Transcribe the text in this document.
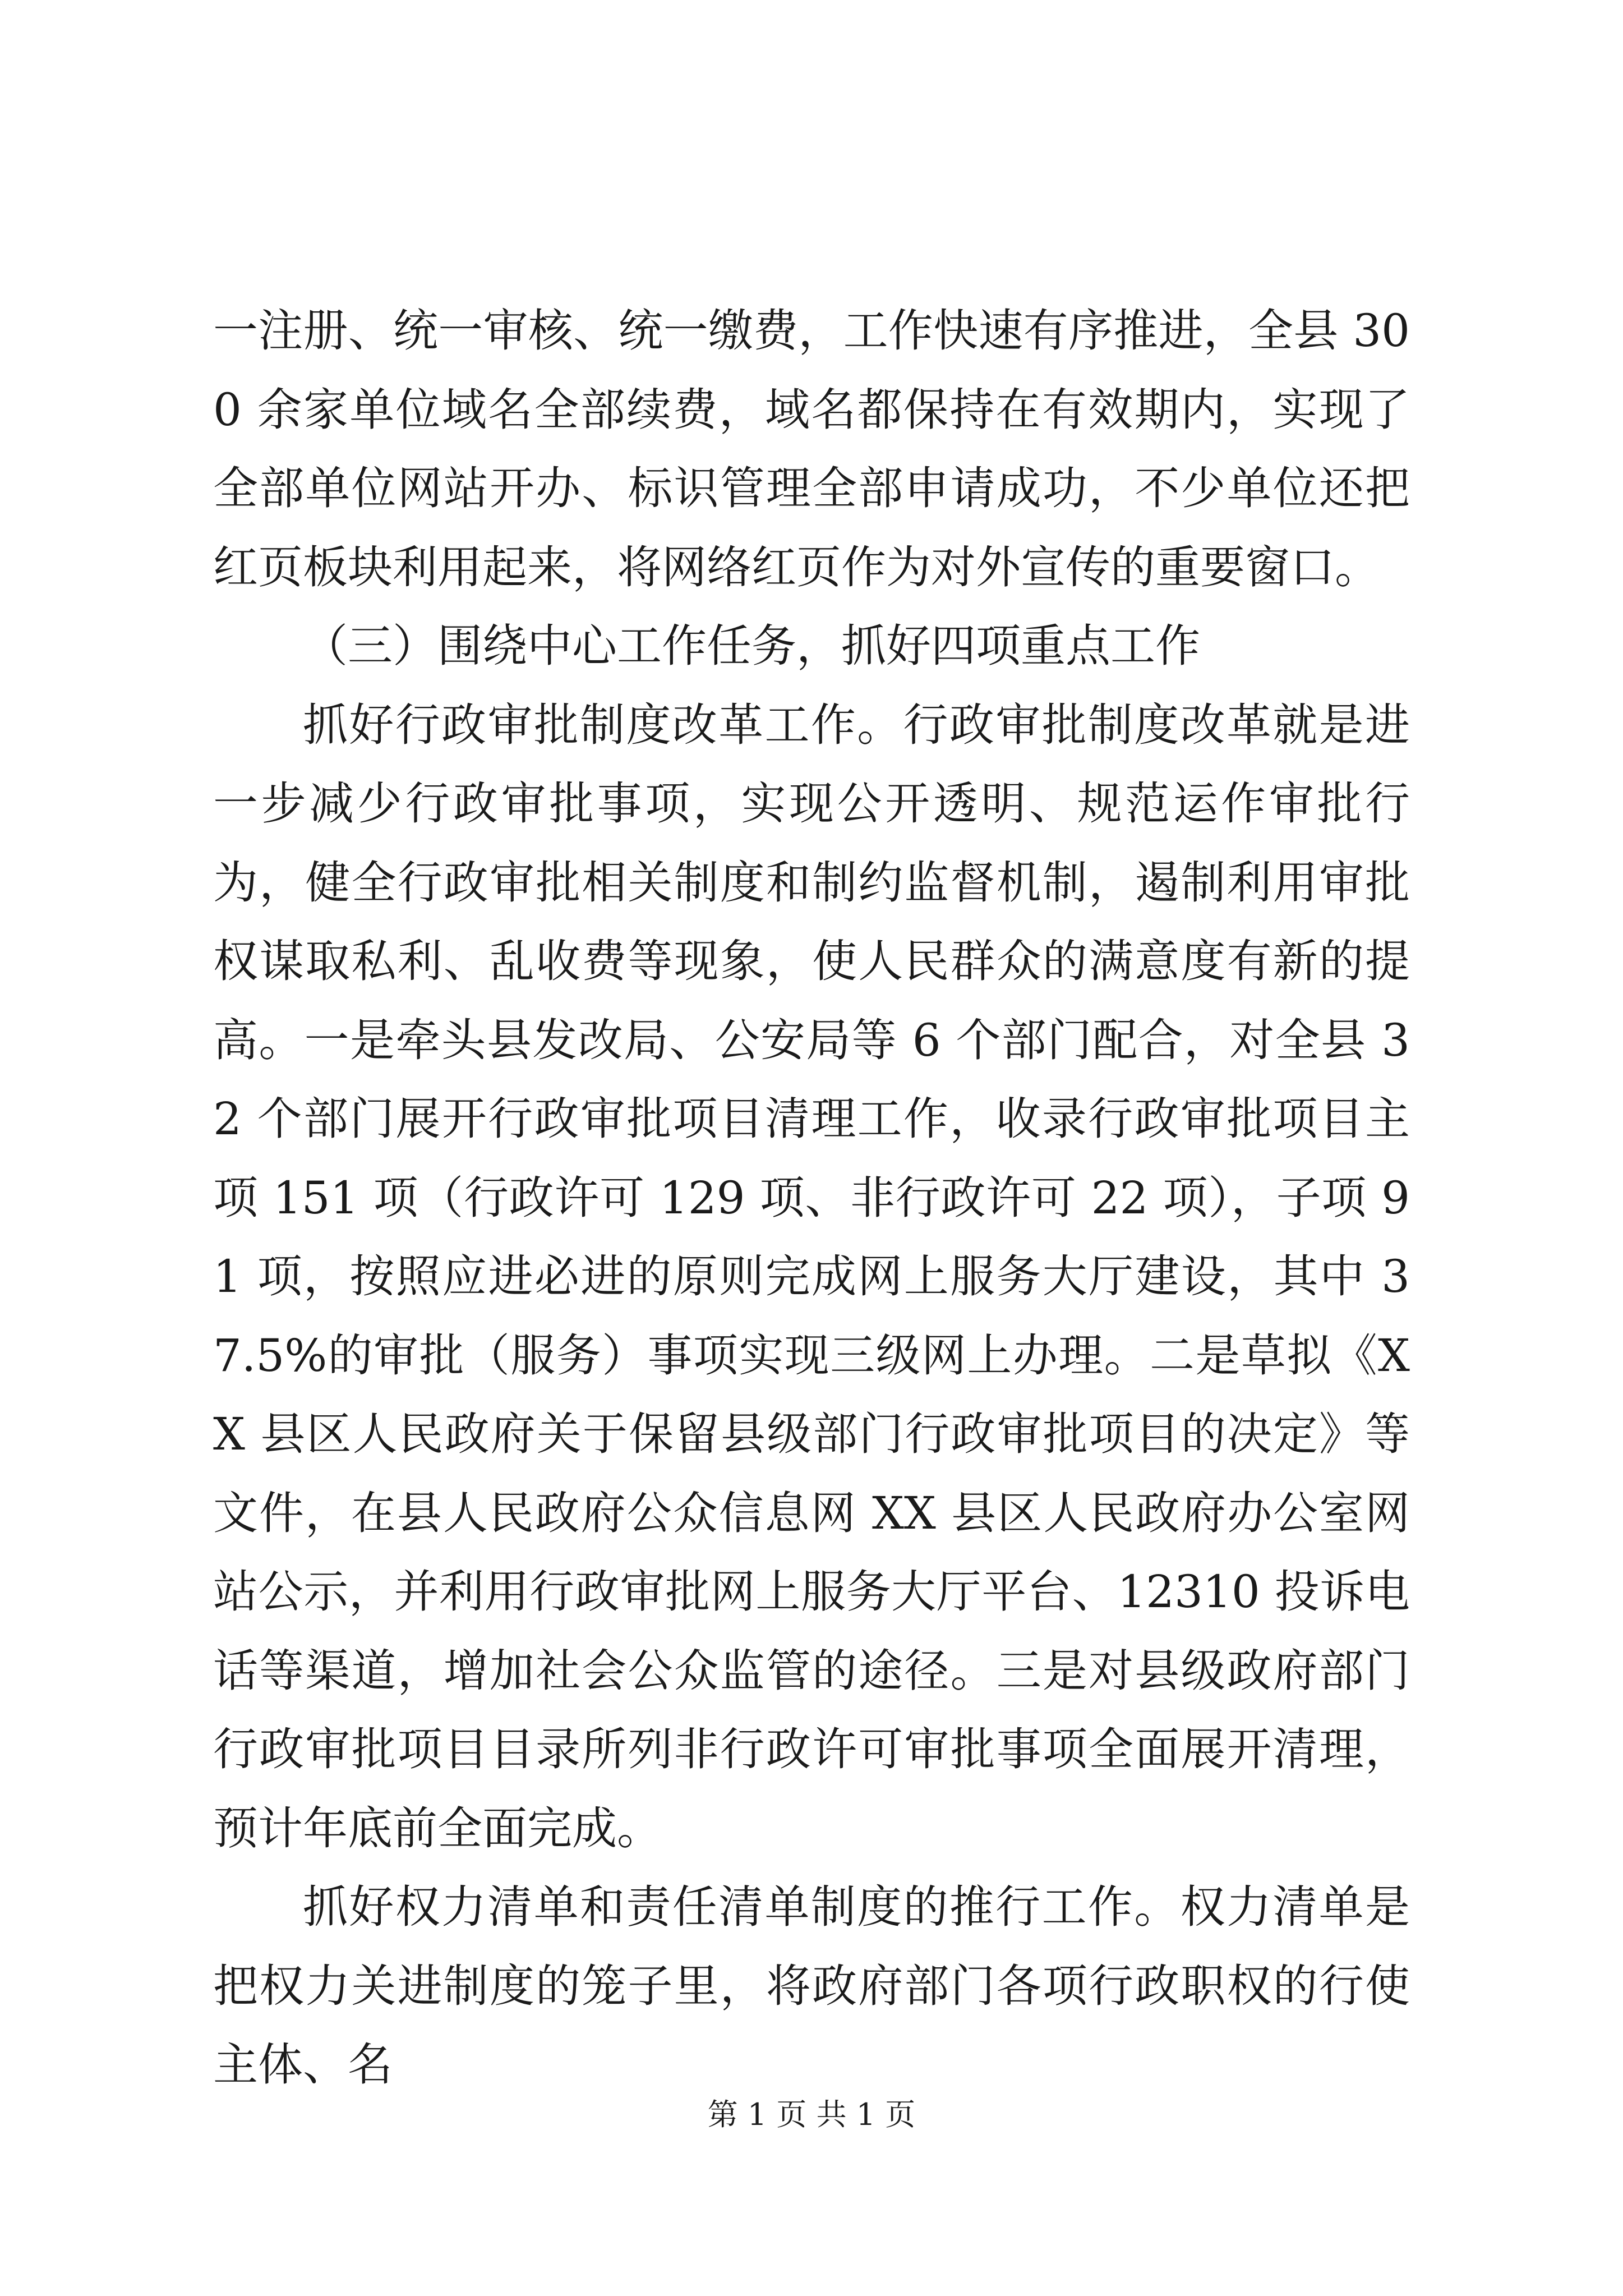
一注册、统一审核、统一缴费，工作快速有序推进，全县 300 余家单位域名全部续费，域名都保持在有效期内，实现了全部单位网站开办、标识管理全部申请成功，不少单位还把红页板块利用起来，将网络红页作为对外宣传的重要窗口。

（三）围绕中心工作任务，抓好四项重点工作

抓好行政审批制度改革工作。行政审批制度改革就是进一步减少行政审批事项，实现公开透明、规范运作审批行为，健全行政审批相关制度和制约监督机制，遏制利用审批权谋取私利、乱收费等现象，使人民群众的满意度有新的提高。一是牵头县发改局、公安局等 6 个部门配合，对全县 32 个部门展开行政审批项目清理工作，收录行政审批项目主项 151 项（行政许可 129 项、非行政许可 22 项），子项 91 项，按照应进必进的原则完成网上服务大厅建设，其中 37.5%的审批（服务）事项实现三级网上办理。二是草拟《XX 县区人民政府关于保留县级部门行政审批项目的决定》等文件，在县人民政府公众信息网 XX 县区人民政府办公室网站公示，并利用行政审批网上服务大厅平台、12310 投诉电话等渠道，增加社会公众监管的途径。三是对县级政府部门行政审批项目目录所列非行政许可审批事项全面展开清理，预计年底前全面完成。

抓好权力清单和责任清单制度的推行工作。权力清单是把权力关进制度的笼子里，将政府部门各项行政职权的行使主体、名

第 1 页 共 1 页
